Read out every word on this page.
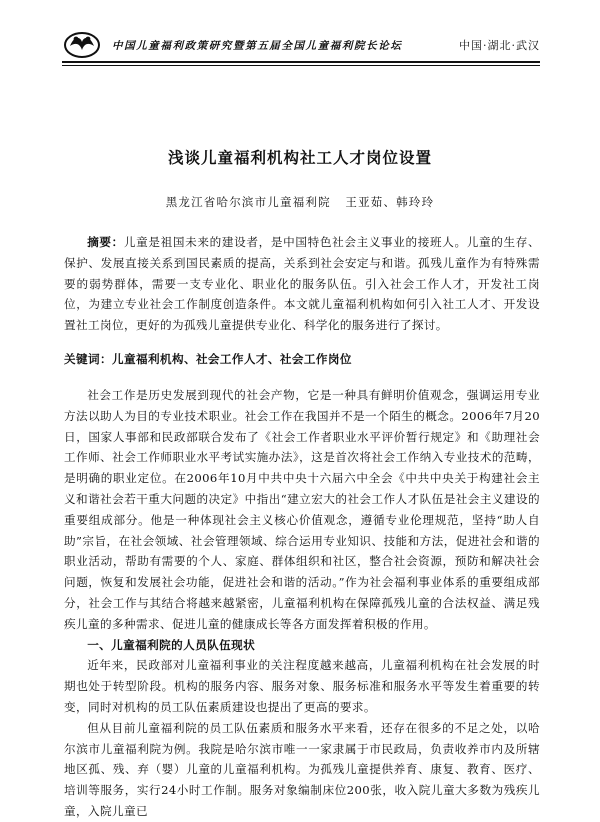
中国儿童福利政策研究暨第五届全国儿童福利院长论坛	中国·湖北·武汉
浅谈儿童福利机构社工人才岗位设置
黑龙江省哈尔滨市儿童福利院   王亚茹、韩玲玲

摘要：儿童是祖国未来的建设者，是中国特色社会主义事业的接班人。儿童的生存、保护、发展直接关系到国民素质的提高，关系到社会安定与和谐。孤残儿童作为有特殊需要的弱势群体，需要一支专业化、职业化的服务队伍。引入社会工作人才，开发社工岗位，为建立专业社会工作制度创造条件。本文就儿童福利机构如何引入社工人才、开发设置社工岗位，更好的为孤残儿童提供专业化、科学化的服务进行了探讨。

关键词：儿童福利机构、社会工作人才、社会工作岗位

社会工作是历史发展到现代的社会产物，它是一种具有鲜明价值观念，强调运用专业方法以助人为目的专业技术职业。社会工作在我国并不是一个陌生的概念。2006年7月20日，国家人事部和民政部联合发布了《社会工作者职业水平评价暂行规定》和《助理社会工作师、社会工作师职业水平考试实施办法》，这是首次将社会工作纳入专业技术的范畴，是明确的职业定位。在2006年10月中共中央十六届六中全会《中共中央关于构建社会主义和谐社会若干重大问题的决定》中指出“建立宏大的社会工作人才队伍是社会主义建设的重要组成部分。他是一种体现社会主义核心价值观念，遵循专业伦理规范，坚持“助人自助”宗旨，在社会领域、社会管理领域、综合运用专业知识、技能和方法，促进社会和谐的职业活动，帮助有需要的个人、家庭、群体组织和社区，整合社会资源，预防和解决社会问题，恢复和发展社会功能，促进社会和谐的活动。”作为社会福利事业体系的重要组成部分，社会工作与其结合将越来越紧密，儿童福利机构在保障孤残儿童的合法权益、满足残疾儿童的多种需求、促进儿童的健康成长等各方面发挥着积极的作用。

一、儿童福利院的人员队伍现状

近年来，民政部对儿童福利事业的关注程度越来越高，儿童福利机构在社会发展的时期也处于转型阶段。机构的服务内容、服务对象、服务标准和服务水平等发生着重要的转变，同时对机构的员工队伍素质建设也提出了更高的要求。

但从目前儿童福利院的员工队伍素质和服务水平来看，还存在很多的不足之处，以哈尔滨市儿童福利院为例。我院是哈尔滨市唯一一家隶属于市民政局，负责收养市内及所辖地区孤、残、弃（婴）儿童的儿童福利机构。为孤残儿童提供养育、康复、教育、医疗、培训等服务，实行24小时工作制。服务对象编制床位200张，收入院儿童大多数为残疾儿童，入院儿童已
